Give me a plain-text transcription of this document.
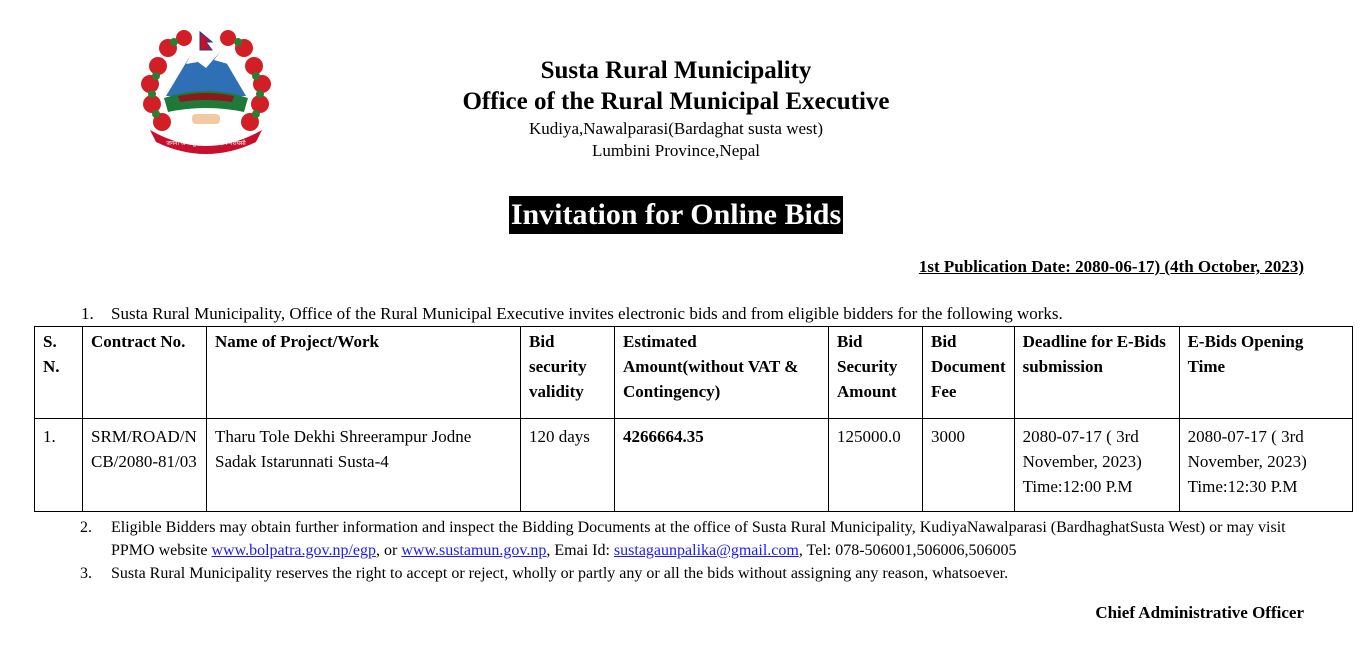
जननी जन्मभूमिश्च स्वर्गादपि गरीयसी
Susta Rural Municipality
Office of the Rural Municipal Executive
Kudiya,Nawalparasi(Bardaghat susta west)
Lumbini Province,Nepal
Invitation for Online Bids
1st Publication Date: 2080-06-17) (4th October, 2023)
1. Susta Rural Municipality, Office of the Rural Municipal Executive invites electronic bids and from eligible bidders for the following works.
S. N.	Contract No.	Name of Project/Work	Bid security validity	Estimated Amount(without VAT & Contingency)	Bid Security Amount	Bid Document Fee	Deadline for E-Bids submission	E-Bids Opening Time
1.	SRM/ROAD/NCB/2080-81/03	Tharu Tole Dekhi Shreerampur Jodne Sadak Istarunnati Susta-4	120 days	4266664.35	125000.0	3000	2080-07-17 ( 3rd November, 2023) Time:12:00 P.M	2080-07-17 ( 3rd November, 2023) Time:12:30 P.M
2. Eligible Bidders may obtain further information and inspect the Bidding Documents at the office of Susta Rural Municipality, KudiyaNawalparasi (BardhaghatSusta West) or may visit PPMO website www.bolpatra.gov.np/egp, or www.sustamun.gov.np, Emai Id: sustagaunpalika@gmail.com, Tel: 078-506001,506006,506005
3. Susta Rural Municipality reserves the right to accept or reject, wholly or partly any or all the bids without assigning any reason, whatsoever.
Chief Administrative Officer
